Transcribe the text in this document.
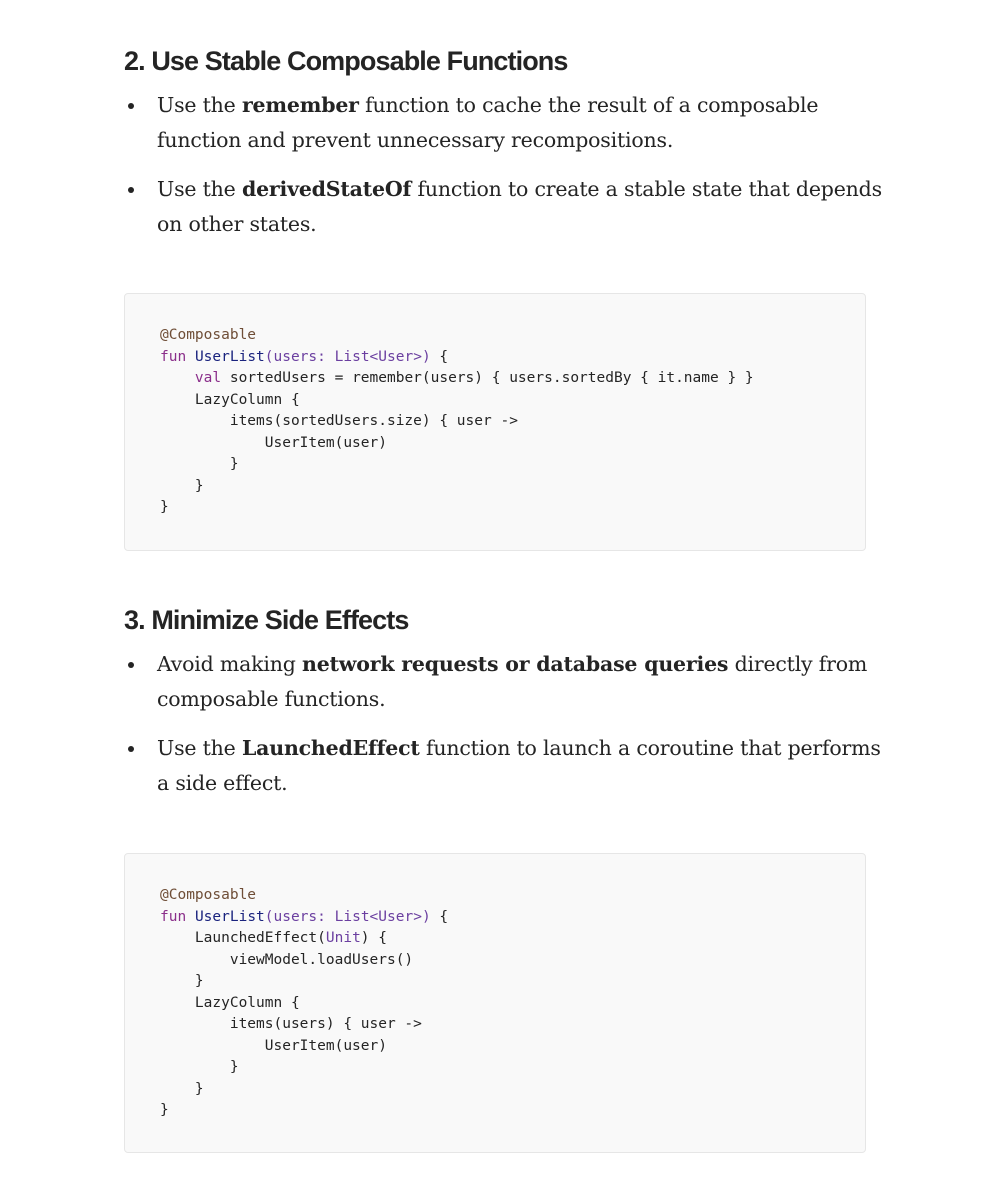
2. Use Stable Composable Functions
Use the remember function to cache the result of a composable function and prevent unnecessary recompositions.
Use the derivedStateOf function to create a stable state that depends on other states.
@Composable
fun UserList(users: List<User>) {
val sortedUsers = remember(users) { users.sortedBy { it.name } }
LazyColumn {
items(sortedUsers.size) { user ->
UserItem(user)
}
}
}
3. Minimize Side Effects
Avoid making network requests or database queries directly from composable functions.
Use the LaunchedEffect function to launch a coroutine that performs a side effect.
@Composable
fun UserList(users: List<User>) {
LaunchedEffect(Unit) {
viewModel.loadUsers()
}
LazyColumn {
items(users) { user ->
UserItem(user)
}
}
}
